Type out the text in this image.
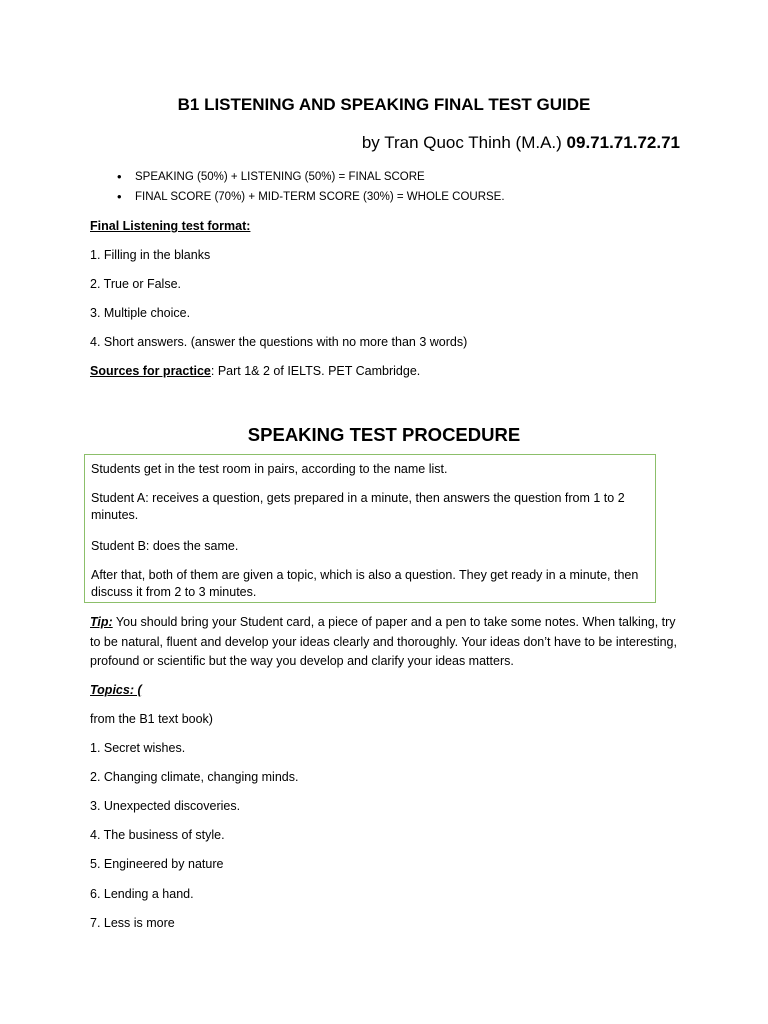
B1 LISTENING AND SPEAKING FINAL TEST GUIDE
by Tran Quoc Thinh (M.A.) 09.71.71.72.71
• SPEAKING (50%) + LISTENING (50%) = FINAL SCORE
• FINAL SCORE (70%) + MID-TERM SCORE (30%) = WHOLE COURSE.
Final Listening test format:
1. Filling in the blanks
2. True or False.
3. Multiple choice.
4. Short answers. (answer the questions with no more than 3 words)
Sources for practice: Part 1& 2 of IELTS. PET Cambridge.
SPEAKING TEST PROCEDURE
Students get in the test room in pairs, according to the name list.
Student A: receives a question, gets prepared in a minute, then answers the question from 1 to 2 minutes.
Student B: does the same.
After that, both of them are given a topic, which is also a question. They get ready in a minute, then discuss it from 2 to 3 minutes.
Tip: You should bring your Student card, a piece of paper and a pen to take some notes. When talking, try to be natural, fluent and develop your ideas clearly and thoroughly. Your ideas don’t have to be interesting, profound or scientific but the way you develop and clarify your ideas matters.
Topics: (
from the B1 text book)
1. Secret wishes.
2. Changing climate, changing minds.
3. Unexpected discoveries.
4. The business of style.
5. Engineered by nature
6. Lending a hand.
7. Less is more
